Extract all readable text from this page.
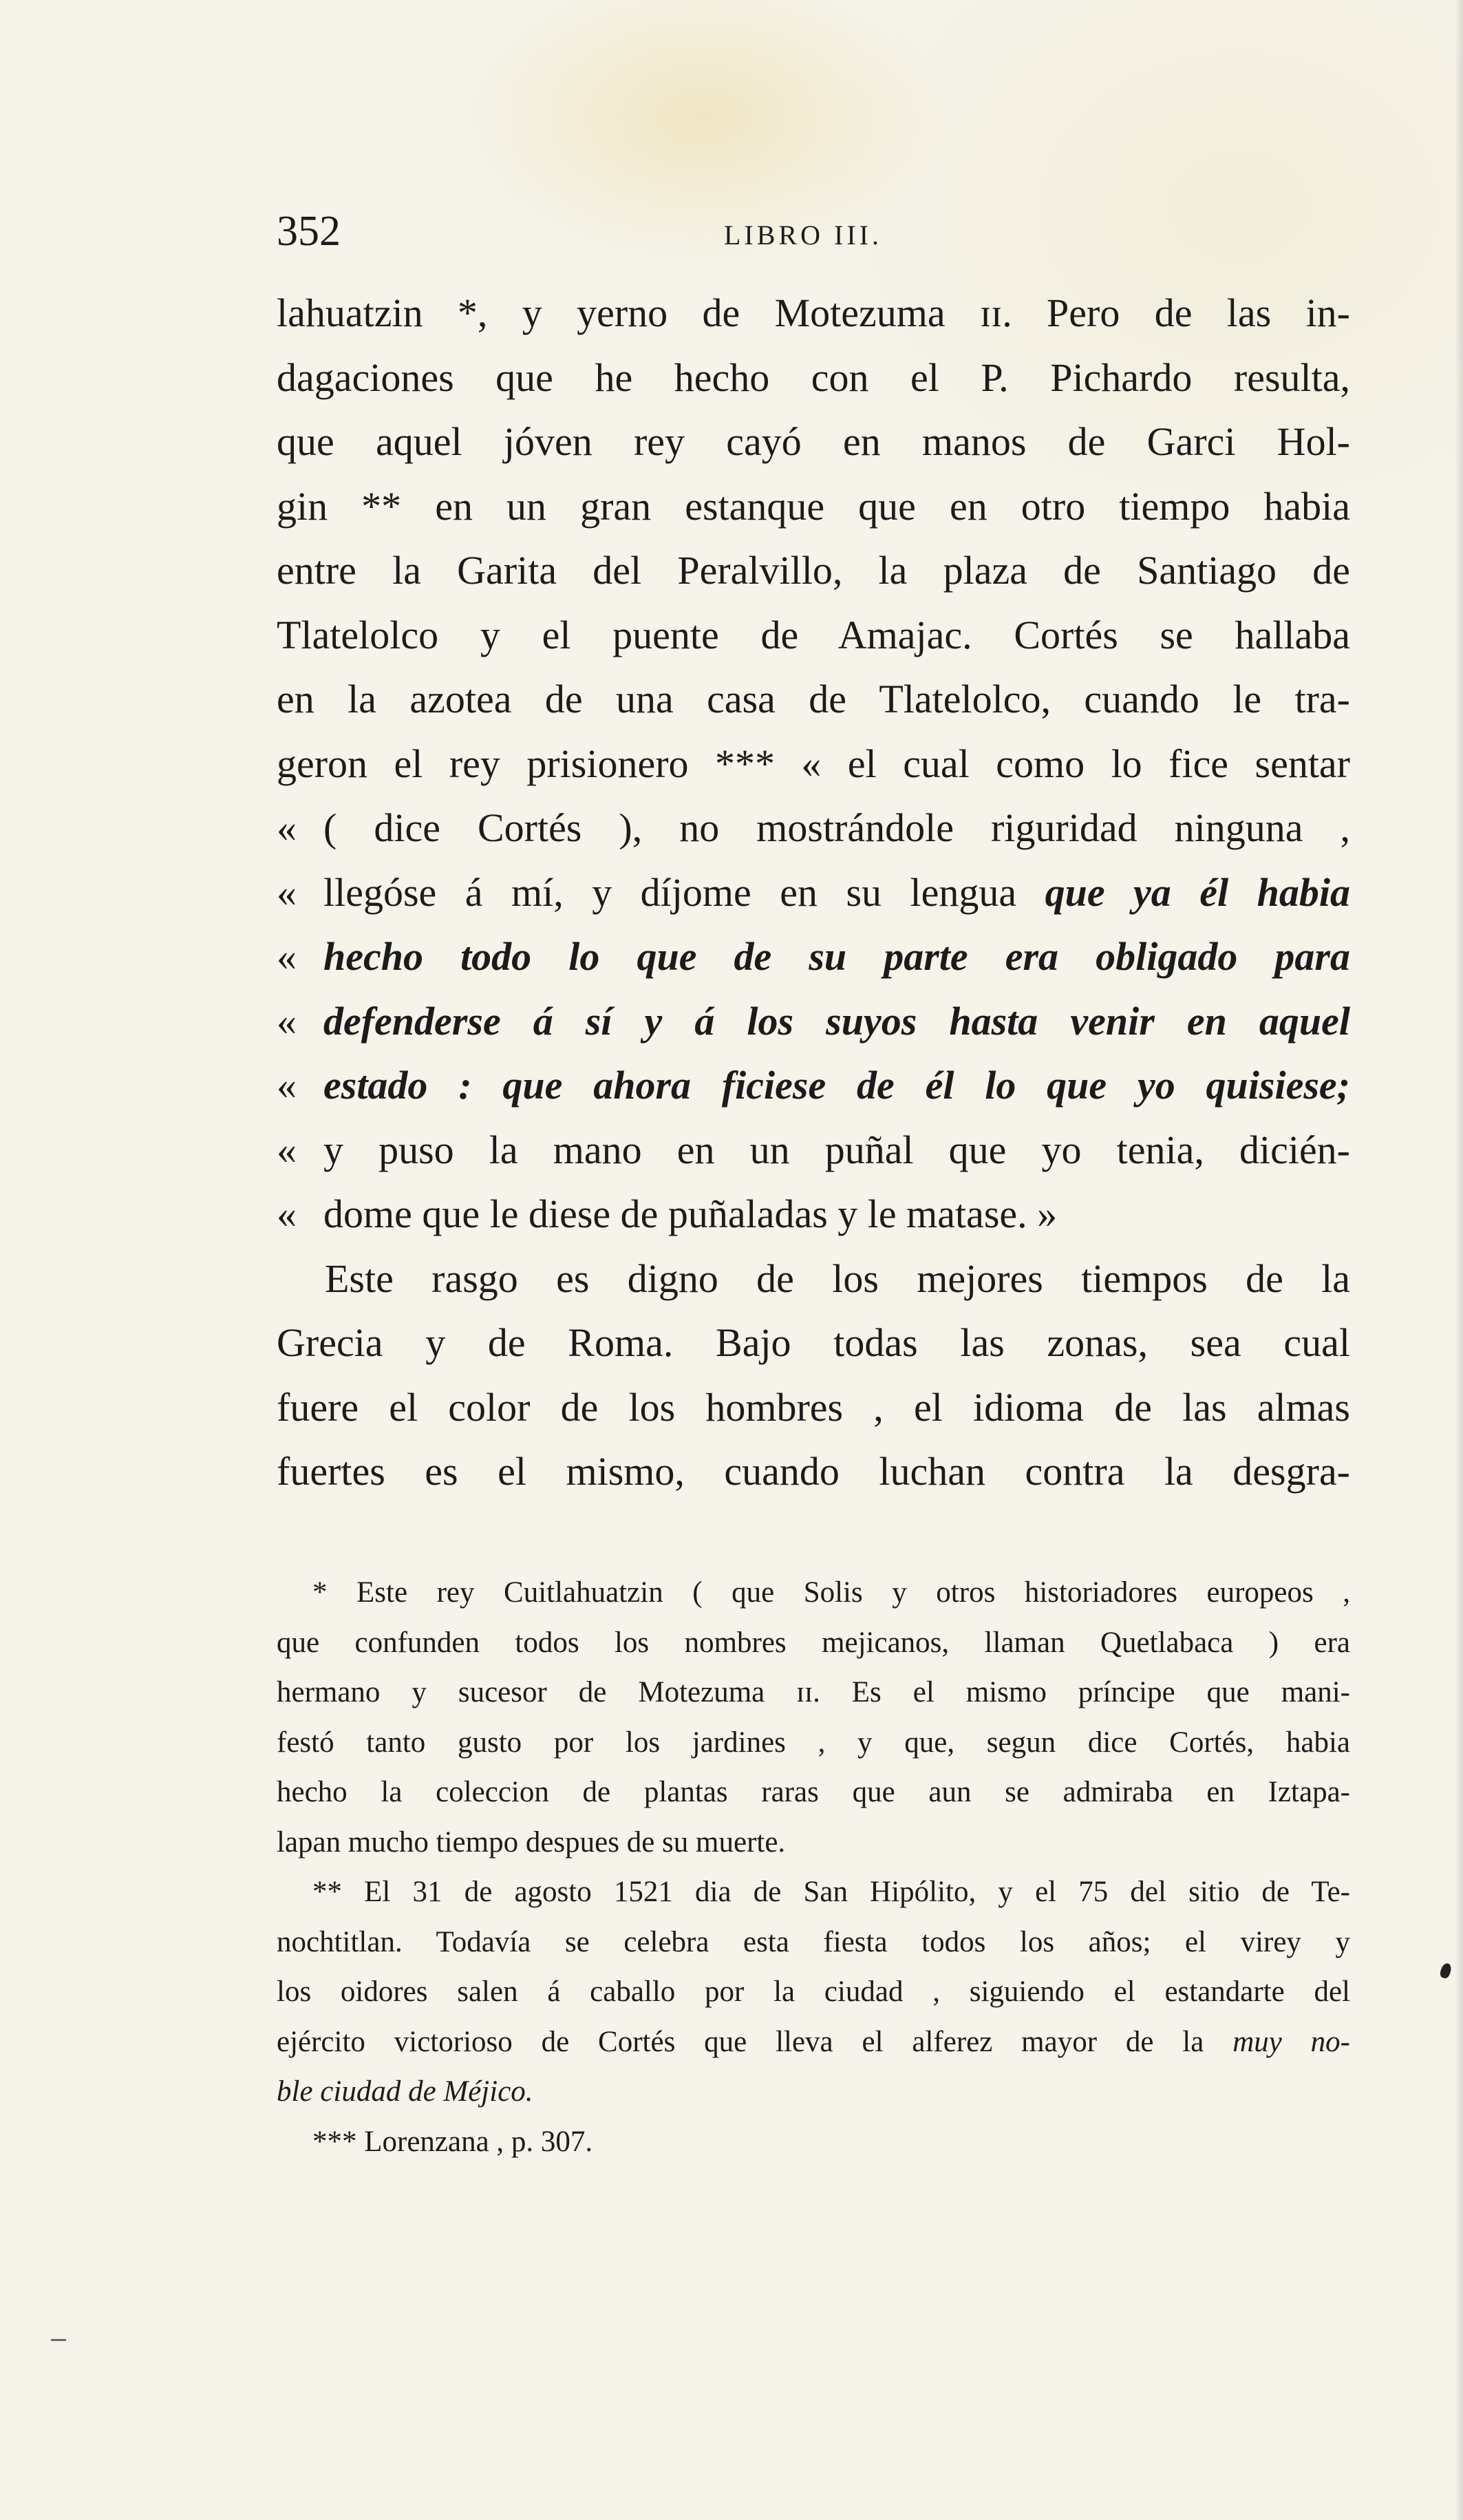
352	LIBRO III.
lahuatzin *, y yerno de Motezuma ɪɪ. Pero de las in-
dagaciones que he hecho con el P. Pichardo resulta,
que aquel jóven rey cayó en manos de Garci Hol-
gin ** en un gran estanque que en otro tiempo habia
entre la Garita del Peralvillo, la plaza de Santiago de
Tlatelolco y el puente de Amajac. Cortés se hallaba
en la azotea de una casa de Tlatelolco, cuando le tra-
geron el rey prisionero *** « el cual como lo fice sentar
« ( dice Cortés ), no mostrándole riguridad ninguna ,
« llegóse á mí, y díjome en su lengua que ya él habia
« hecho todo lo que de su parte era obligado para
« defenderse á sí y á los suyos hasta venir en aquel
« estado : que ahora ficiese de él lo que yo quisiese;
« y puso la mano en un puñal que yo tenia, dicién-
« dome que le diese de puñaladas y le matase. »
Este rasgo es digno de los mejores tiempos de la
Grecia y de Roma. Bajo todas las zonas, sea cual
fuere el color de los hombres , el idioma de las almas
fuertes es el mismo, cuando luchan contra la desgra-
* Este rey Cuitlahuatzin ( que Solis y otros historiadores europeos ,
que confunden todos los nombres mejicanos, llaman Quetlabaca ) era
hermano y sucesor de Motezuma ɪɪ. Es el mismo príncipe que mani-
festó tanto gusto por los jardines , y que, segun dice Cortés, habia
hecho la coleccion de plantas raras que aun se admiraba en Iztapa-
lapan mucho tiempo despues de su muerte.
** El 31 de agosto 1521 dia de San Hipólito, y el 75 del sitio de Te-
nochtitlan. Todavía se celebra esta fiesta todos los años; el virey y
los oidores salen á caballo por la ciudad , siguiendo el estandarte del
ejército victorioso de Cortés que lleva el alferez mayor de la muy no-
ble ciudad de Méjico.
*** Lorenzana , p. 307.
